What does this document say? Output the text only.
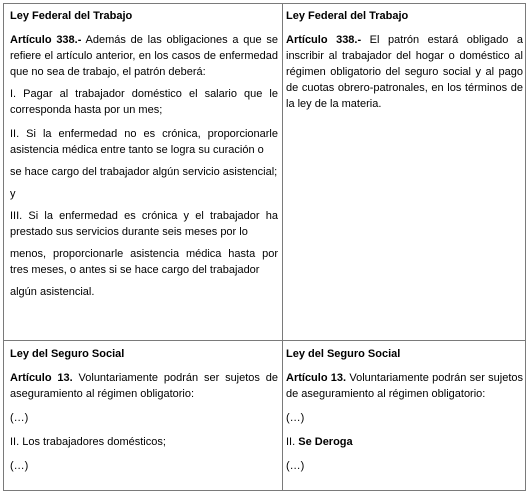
Ley Federal del Trabajo

Artículo 338.- Además de las obligaciones a que se refiere el artículo anterior, en los casos de enfermedad que no sea de trabajo, el patrón deberá:

I. Pagar al trabajador doméstico el salario que le corresponda hasta por un mes;

II. Si la enfermedad no es crónica, proporcionarle asistencia médica entre tanto se logra su curación o

se hace cargo del trabajador algún servicio asistencial;

y

III. Si la enfermedad es crónica y el trabajador ha prestado sus servicios durante seis meses por lo

menos, proporcionarle asistencia médica hasta por tres meses, o antes si se hace cargo del trabajador

algún asistencial.

Ley Federal del Trabajo

Artículo 338.- El patrón estará obligado a inscribir al trabajador del hogar o doméstico al régimen obligatorio del seguro social y al pago de cuotas obrero-patronales, en los términos de la ley de la materia.

Ley del Seguro Social

Artículo 13. Voluntariamente podrán ser sujetos de aseguramiento al régimen obligatorio:

(…)

II. Los trabajadores domésticos;

(…)

Ley del Seguro Social

Artículo 13. Voluntariamente podrán ser sujetos de aseguramiento al régimen obligatorio:

(…)

II. Se Deroga

(…)
